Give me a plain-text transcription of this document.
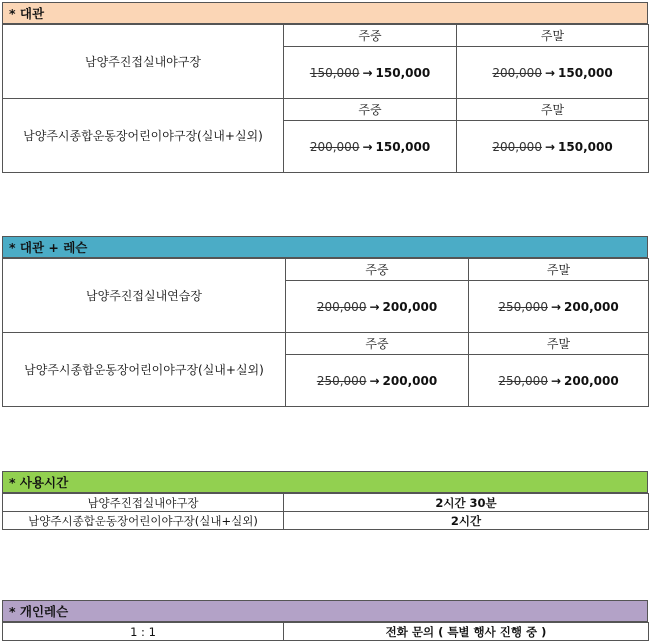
* 대관
남양주진접실내야구장	주중	주말
	150,000 → 150,000	200,000 → 150,000
남양주시종합운동장어린이야구장(실내+실외)	주중	주말
	200,000 → 150,000	200,000 → 150,000
* 대관 + 레슨
남양주진접실내연습장	주중	주말
	200,000 → 200,000	250,000 → 200,000
남양주시종합운동장어린이야구장(실내+실외)	주중	주말
	250,000 → 200,000	250,000 → 200,000
* 사용시간
남양주진접실내야구장	2시간 30분
남양주시종합운동장어린이야구장(실내+실외)	2시간
* 개인레슨
1 : 1	전화 문의 ( 특별 행사 진행 중 )
